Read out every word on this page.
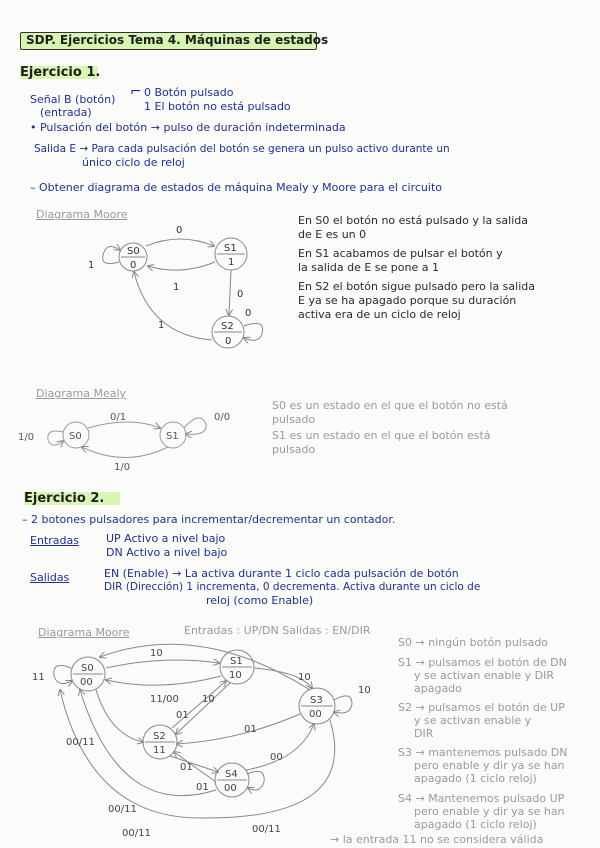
SDP. Ejercicios Tema 4. Máquinas de estados
Ejercicio 1.
Señal B (botón)
(entrada)
⌐ 0 Botón pulsado
1 El botón no está pulsado
• Pulsación del botón → pulso de duración indeterminada
Salida E → Para cada pulsación del botón se genera un pulso activo durante un
único ciclo de reloj
– Obtener diagrama de estados de máquina Mealy y Moore para el circuito
Diagrama Moore	En S0 el botón no está pulsado y la salida
de E es un 0
En S1 acabamos de pulsar el botón y
la salida de E se pone a 1
En S2 el botón sigue pulsado pero la salida
E ya se ha apagado porque su duración
activa era de un ciclo de reloj
Diagrama Mealy
S0 es un estado en el que el botón no está
pulsado
S1 es un estado en el que el botón está
pulsado
Ejercicio 2.
– 2 botones pulsadores para incrementar/decrementar un contador.
Entradas UP Activo a nivel bajo
DN Activo a nivel bajo
Salidas	EN (Enable) → La activa durante 1 ciclo cada pulsación de botón
DIR (Dirección) 1 incrementa, 0 decrementa. Activa durante un ciclo de
reloj (como Enable)
Diagrama Moore	Entradas : UP/DN Salidas : EN/DIR
S0 → ningún botón pulsado
S1 → pulsamos el botón de DN
y se activan enable y DIR
apagado
S2 → pulsamos el botón de UP
y se activan enable y
DIR
S3 → mantenemos pulsado DN
pero enable y dir ya se han
apagado (1 ciclo reloj)
S4 → Mantenemos pulsado UP
pero enable y dir ya se han
apagado (1 ciclo reloj)
→ la entrada 11 no se considera válida
S0
0
S1
1
S2
0
0
1
0
1
1
0
S0	S1
0/1
1/0
1/0
0/0
S0
00
S1
10
S2
11
S3
00
S4
00
11
10
11/00
10
10
01
00/11
01
00
01
01
00/11
00/11	00/11
10
